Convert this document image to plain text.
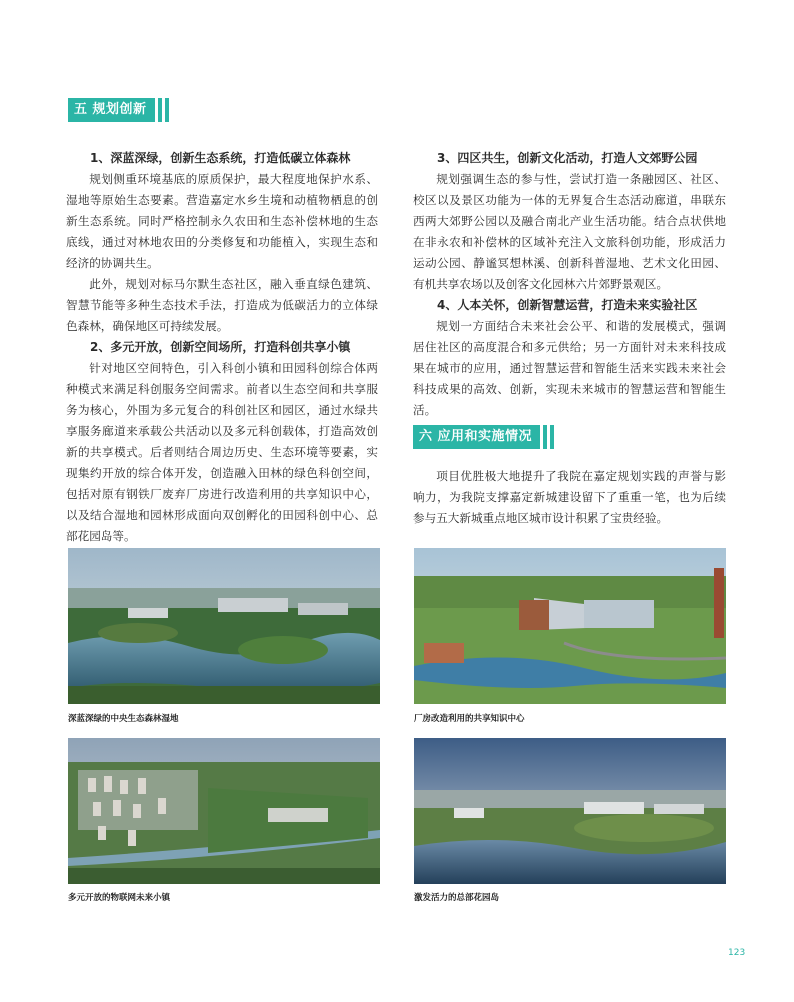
五 规划创新
1、深蓝深绿，创新生态系统，打造低碳立体森林

规划侧重环境基底的原质保护，最大程度地保护水系、湿地等原始生态要素。营造嘉定水乡生境和动植物栖息的创新生态系统。同时严格控制永久农田和生态补偿林地的生态底线，通过对林地农田的分类修复和功能植入，实现生态和经济的协调共生。

此外，规划对标马尔默生态社区，融入垂直绿色建筑、智慧节能等多种生态技术手法，打造成为低碳活力的立体绿色森林，确保地区可持续发展。

2、多元开放，创新空间场所，打造科创共享小镇

针对地区空间特色，引入科创小镇和田园科创综合体两种模式来满足科创服务空间需求。前者以生态空间和共享服务为核心，外围为多元复合的科创社区和园区，通过水绿共享服务廊道来承载公共活动以及多元科创载体，打造高效创新的共享模式。后者则结合周边历史、生态环境等要素，实现集约开放的综合体开发，创造融入田林的绿色科创空间，包括对原有钢铁厂废弃厂房进行改造利用的共享知识中心，以及结合湿地和园林形成面向双创孵化的田园科创中心、总部花园岛等。

3、四区共生，创新文化活动，打造人文郊野公园

规划强调生态的参与性，尝试打造一条融园区、社区、校区以及景区功能为一体的无界复合生态活动廊道，串联东西两大郊野公园以及融合南北产业生活功能。结合点状供地在非永农和补偿林的区域补充注入文旅科创功能，形成活力运动公园、静谧冥想林溪、创新科普湿地、艺术文化田园、有机共享农场以及创客文化园林六片郊野景观区。

4、人本关怀，创新智慧运营，打造未来实验社区

规划一方面结合未来社会公平、和谐的发展模式，强调居住社区的高度混合和多元供给；另一方面针对未来科技成果在城市的应用，通过智慧运营和智能生活来实践未来社会科技成果的高效、创新，实现未来城市的智慧运营和智能生活。

六 应用和实施情况

项目优胜极大地提升了我院在嘉定规划实践的声誉与影响力，为我院支撑嘉定新城建设留下了重重一笔，也为后续参与五大新城重点地区城市设计积累了宝贵经验。

深蓝深绿的中央生态森林湿地	厂房改造利用的共享知识中心
多元开放的物联网未来小镇	激发活力的总部花园岛
123
